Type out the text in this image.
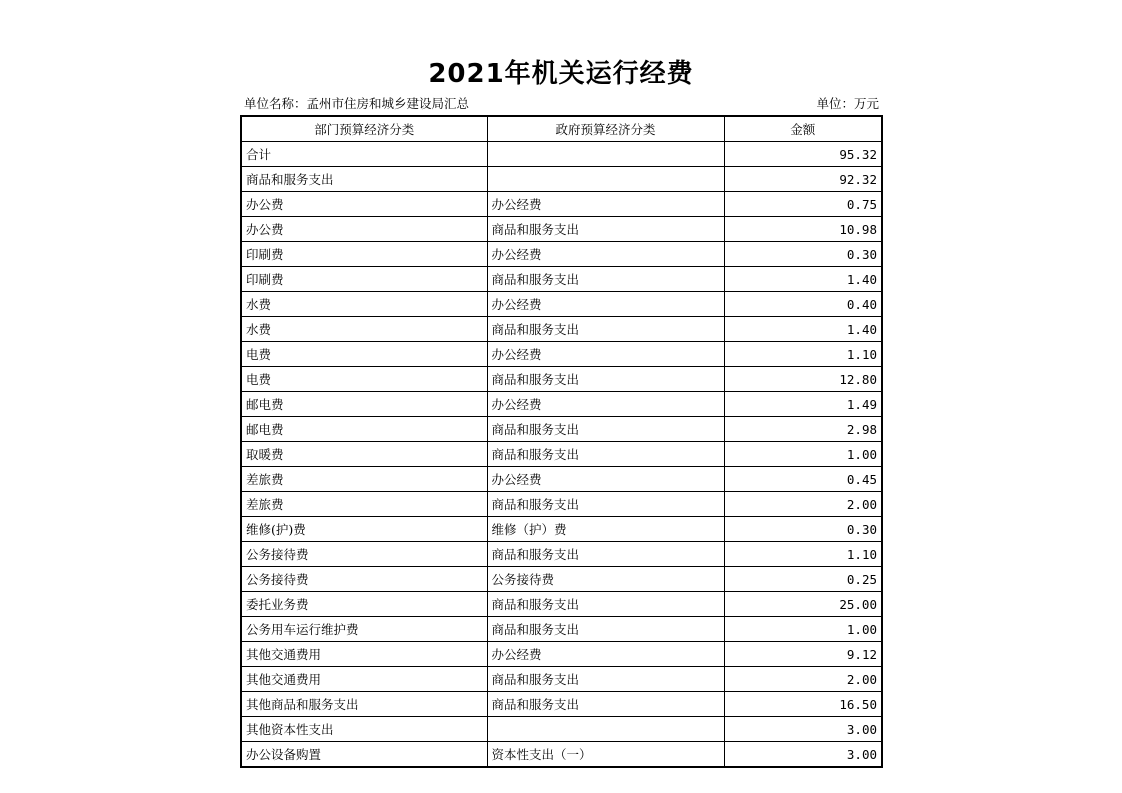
2021年机关运行经费
单位名称：孟州市住房和城乡建设局汇总	单位：万元
部门预算经济分类	政府预算经济分类	金额
合计		95.32
商品和服务支出		92.32
办公费	办公经费	0.75
办公费	商品和服务支出	10.98
印刷费	办公经费	0.30
印刷费	商品和服务支出	1.40
水费	办公经费	0.40
水费	商品和服务支出	1.40
电费	办公经费	1.10
电费	商品和服务支出	12.80
邮电费	办公经费	1.49
邮电费	商品和服务支出	2.98
取暖费	商品和服务支出	1.00
差旅费	办公经费	0.45
差旅费	商品和服务支出	2.00
维修(护)费	维修（护）费	0.30
公务接待费	商品和服务支出	1.10
公务接待费	公务接待费	0.25
委托业务费	商品和服务支出	25.00
公务用车运行维护费	商品和服务支出	1.00
其他交通费用	办公经费	9.12
其他交通费用	商品和服务支出	2.00
其他商品和服务支出	商品和服务支出	16.50
其他资本性支出		3.00
办公设备购置	资本性支出（一）	3.00
